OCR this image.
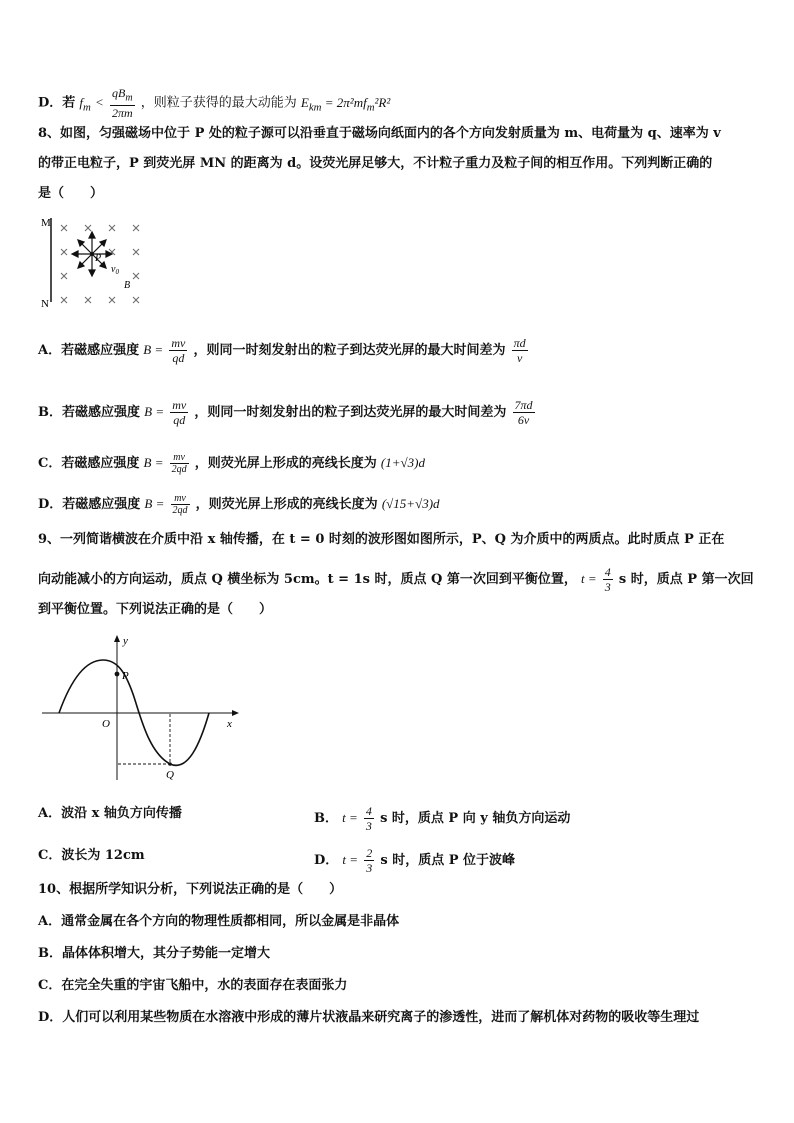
D．若 $f_m < \frac{qB_m}{2\pi m}$ ，则粒子获得的最大动能为 $E_{km} = 2\pi^2mf_m^2R^2$
8、如图，匀强磁场中位于 P 处的粒子源可以沿垂直于磁场向纸面内的各个方向发射质量为 m、电荷量为 q、速率为 v
的带正电粒子，P 到荧光屏 MN 的距离为 d。设荧光屏足够大，不计粒子重力及粒子间的相互作用。下列判断正确的
是（　　）
M
N
P
$v_0$
B
A．若磁感应强度 $B = \frac{mv}{qd}$ ，则同一时刻发射出的粒子到达荧光屏的最大时间差为 $\frac{\pi d}{v}$
B．若磁感应强度 $B = \frac{mv}{qd}$ ，则同一时刻发射出的粒子到达荧光屏的最大时间差为 $\frac{7\pi d}{6v}$
C．若磁感应强度 $B = \frac{mv}{2qd}$ ，则荧光屏上形成的亮线长度为 (1+√3)d
D．若磁感应强度 $B = \frac{mv}{2qd}$ ，则荧光屏上形成的亮线长度为 (√15+√3)d
9、一列简谐横波在介质中沿 x 轴传播，在 t = 0 时刻的波形图如图所示，P、Q 为介质中的两质点。此时质点 P 正在
向动能减小的方向运动，质点 Q 横坐标为 5cm。t = 1s 时，质点 Q 第一次回到平衡位置， $t = \frac{4}{3}$ s 时，质点 P 第一次回
到平衡位置。下列说法正确的是（　　）
y
x
O
P
Q
A．波沿 x 轴负方向传播	B． $t = \frac{4}{3}$ s 时，质点 P 向 y 轴负方向运动
C．波长为 12cm	D． $t = \frac{2}{3}$ s 时，质点 P 位于波峰
10、根据所学知识分析，下列说法正确的是（　　）
A．通常金属在各个方向的物理性质都相同，所以金属是非晶体
B．晶体体积增大，其分子势能一定增大
C．在完全失重的宇宙飞船中，水的表面存在表面张力
D．人们可以利用某些物质在水溶液中形成的薄片状液晶来研究离子的渗透性，进而了解机体对药物的吸收等生理过
